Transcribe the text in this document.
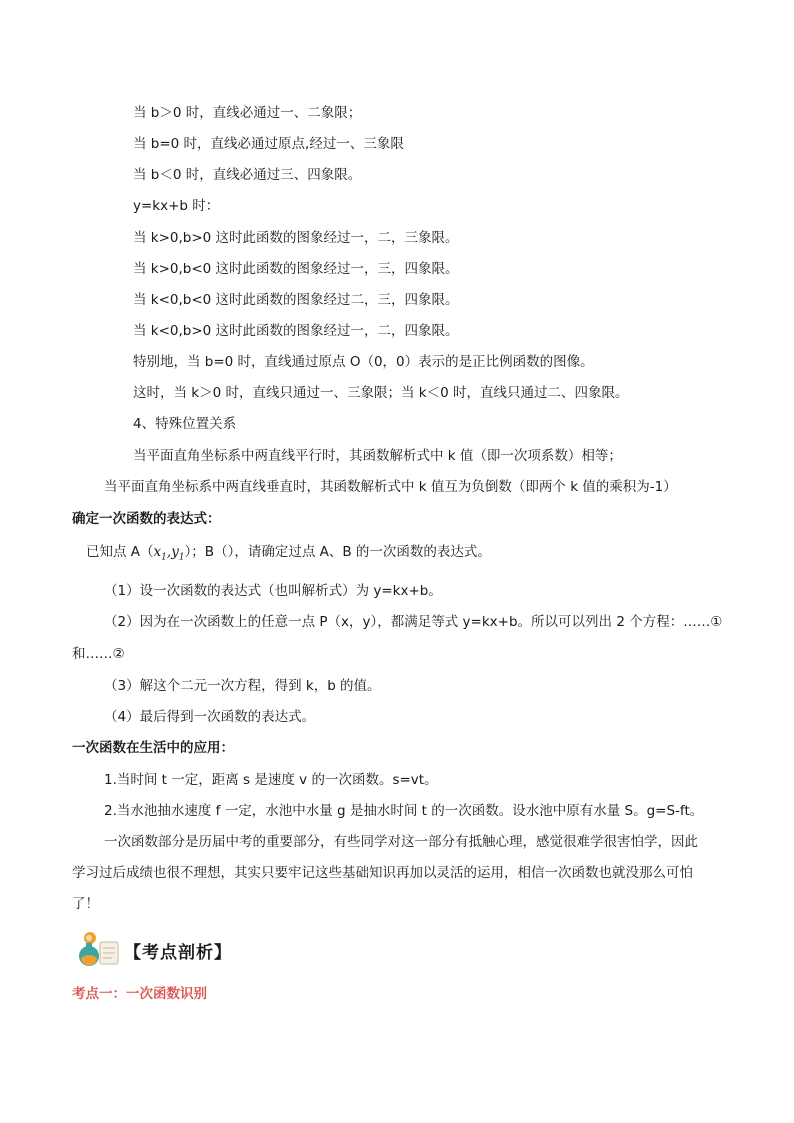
当 b＞0 时，直线必通过一、二象限；
当 b=0 时，直线必通过原点,经过一、三象限
当 b＜0 时，直线必通过三、四象限。
y=kx+b 时：
当 k>0,b>0 这时此函数的图象经过一，二，三象限。
当 k>0,b<0 这时此函数的图象经过一，三，四象限。
当 k<0,b<0 这时此函数的图象经过二，三，四象限。
当 k<0,b>0 这时此函数的图象经过一，二，四象限。
特别地，当 b=0 时，直线通过原点 O（0，0）表示的是正比例函数的图像。
这时，当 k＞0 时，直线只通过一、三象限；当 k＜0 时，直线只通过二、四象限。
4、特殊位置关系
当平面直角坐标系中两直线平行时，其函数解析式中 k 值（即一次项系数）相等；
当平面直角坐标系中两直线垂直时，其函数解析式中 k 值互为负倒数（即两个 k 值的乘积为-1）
确定一次函数的表达式：
已知点 $A(x_1,y_1)$；B（），请确定过点 A、B 的一次函数的表达式。
（1）设一次函数的表达式（也叫解析式）为 y=kx+b。
（2）因为在一次函数上的任意一点 P（x，y），都满足等式 y=kx+b。所以可以列出 2 个方程：……①
和……②
（3）解这个二元一次方程，得到 k，b 的值。
（4）最后得到一次函数的表达式。
一次函数在生活中的应用：
1.当时间 t 一定，距离 s 是速度 v 的一次函数。s=vt。
2.当水池抽水速度 f 一定，水池中水量 g 是抽水时间 t 的一次函数。设水池中原有水量 S。g=S-ft。
一次函数部分是历届中考的重要部分，有些同学对这一部分有抵触心理，感觉很难学很害怕学，因此
学习过后成绩也很不理想，其实只要牢记这些基础知识再加以灵活的运用，相信一次函数也就没那么可怕
了！
【考点剖析】
考点一：一次函数识别
